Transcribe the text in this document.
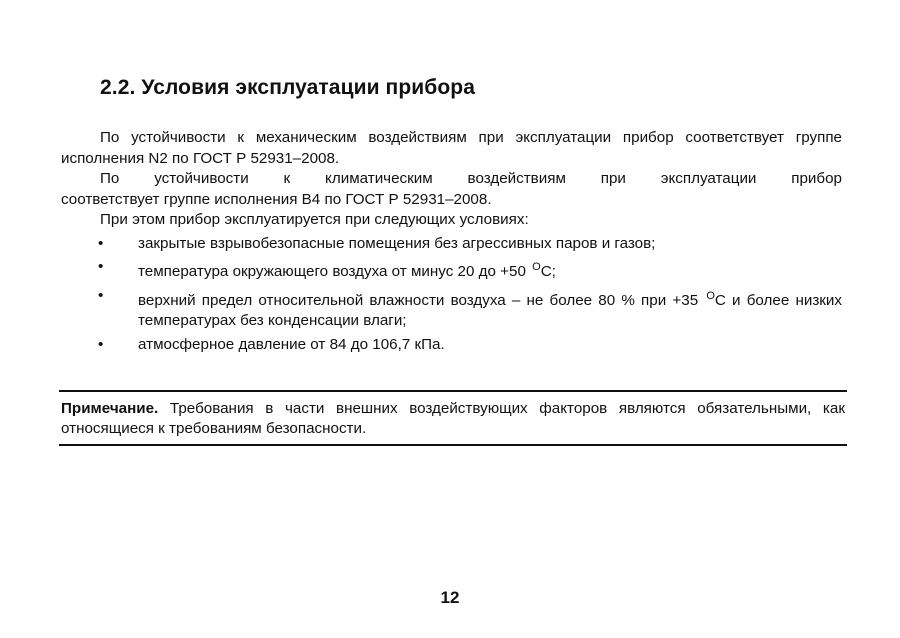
2.2. Условия эксплуатации прибора

По устойчивости к механическим воздействиям при эксплуатации прибор соответствует группе исполнения N2 по ГОСТ Р 52931–2008.

По устойчивости к климатическим воздействиям при эксплуатации прибор

соответствует группе исполнения В4 по ГОСТ Р 52931–2008.

При этом прибор эксплуатируется при следующих условиях:

• закрытые взрывобезопасные помещения без агрессивных паров и газов;
• температура окружающего воздуха от минус 20 до +50 $^O$С;
• верхний предел относительной влажности воздуха – не более 80 % при +35 $^O$С и более низких температурах без конденсации влаги;
• атмосферное давление от 84 до 106,7 кПа.
Примечание. Требования в части внешних воздействующих факторов являются обязательными, как относящиеся к требованиям безопасности.
12
